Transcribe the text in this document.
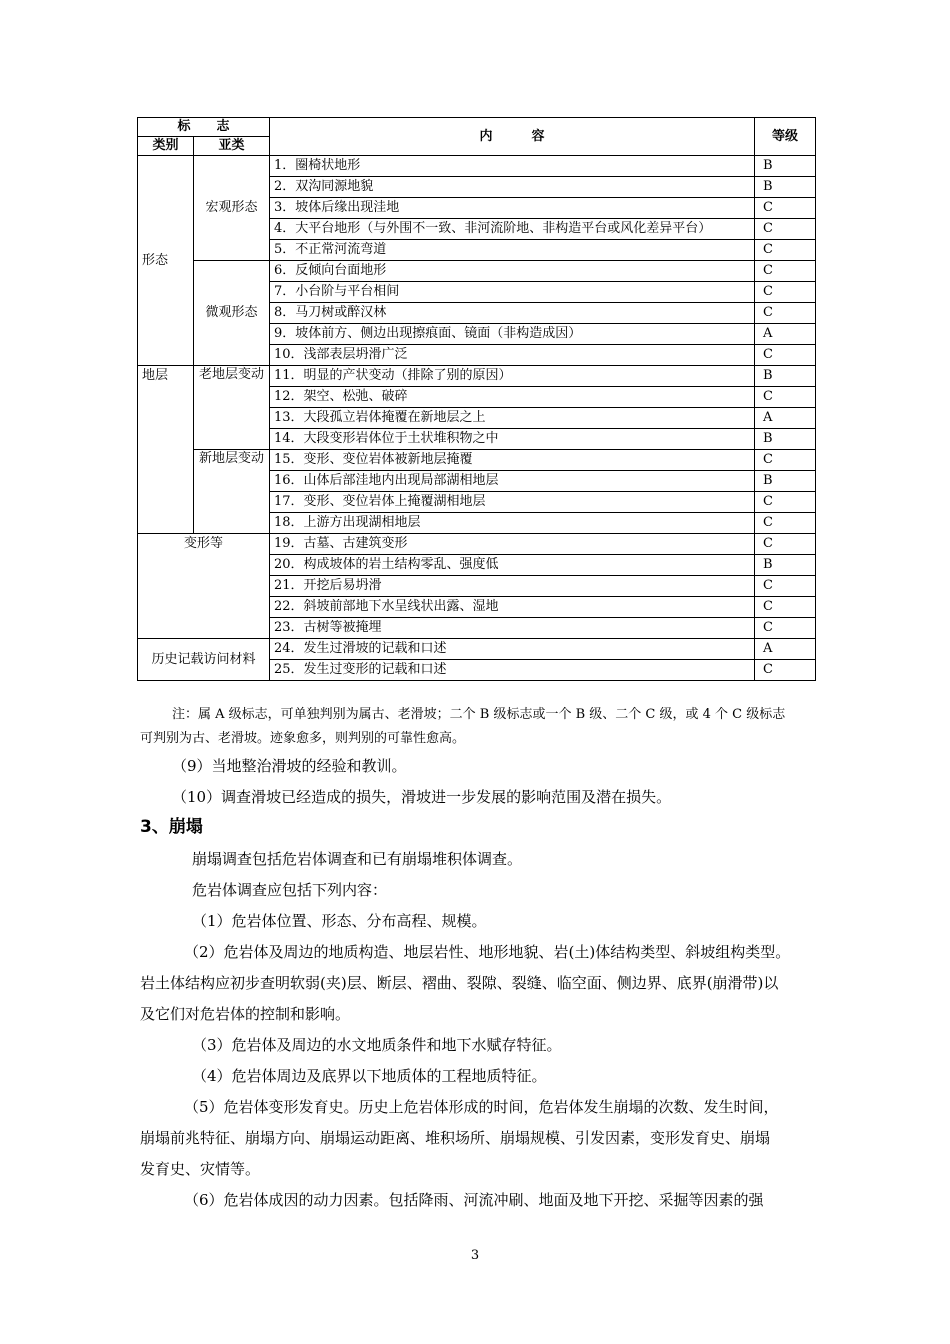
标　　志		内　　　容	等级
类别	亚类		
形态	宏观形态	1．圈椅状地形	B
		2．双沟同源地貌	B
		3．坡体后缘出现洼地	C
		4．大平台地形（与外围不一致、非河流阶地、非构造平台或风化差异平台）	C
		5．不正常河流弯道	C
	微观形态	6．反倾向台面地形	C
		7．小台阶与平台相间	C
		8．马刀树或醉汉林	C
		9．坡体前方、侧边出现擦痕面、镜面（非构造成因）	A
		10．浅部表层坍滑广泛	C
地层	老地层变动	11．明显的产状变动（排除了别的原因）	B
		12．架空、松弛、破碎	C
		13．大段孤立岩体掩覆在新地层之上	A
		14．大段变形岩体位于土状堆积物之中	B
	新地层变动	15．变形、变位岩体被新地层掩覆	C
		16．山体后部洼地内出现局部湖相地层	B
		17．变形、变位岩体上掩覆湖相地层	C
		18．上游方出现湖相地层	C
变形等		19．古墓、古建筑变形	C
		20．构成坡体的岩土结构零乱、强度低	B
		21．开挖后易坍滑	C
		22．斜坡前部地下水呈线状出露、湿地	C
		23．古树等被掩埋	C
历史记载访问材料		24．发生过滑坡的记载和口述	A
		25．发生过变形的记载和口述	C

注：属 A 级标志，可单独判别为属古、老滑坡；二个 B 级标志或一个 B 级、二个 C 级，或 4 个 C 级标志

可判别为古、老滑坡。迹象愈多，则判别的可靠性愈高。

（9）当地整治滑坡的经验和教训。

（10）调查滑坡已经造成的损失，滑坡进一步发展的影响范围及潜在损失。

3、崩塌

崩塌调查包括危岩体调查和已有崩塌堆积体调查。

危岩体调查应包括下列内容：

（1）危岩体位置、形态、分布高程、规模。

（2）危岩体及周边的地质构造、地层岩性、地形地貌、岩(土)体结构类型、斜坡组构类型。

岩土体结构应初步查明软弱(夹)层、断层、褶曲、裂隙、裂缝、临空面、侧边界、底界(崩滑带)以

及它们对危岩体的控制和影响。

（3）危岩体及周边的水文地质条件和地下水赋存特征。

（4）危岩体周边及底界以下地质体的工程地质特征。

（5）危岩体变形发育史。历史上危岩体形成的时间，危岩体发生崩塌的次数、发生时间，

崩塌前兆特征、崩塌方向、崩塌运动距离、堆积场所、崩塌规模、引发因素，变形发育史、崩塌

发育史、灾情等。

（6）危岩体成因的动力因素。包括降雨、河流冲刷、地面及地下开挖、采掘等因素的强

3
